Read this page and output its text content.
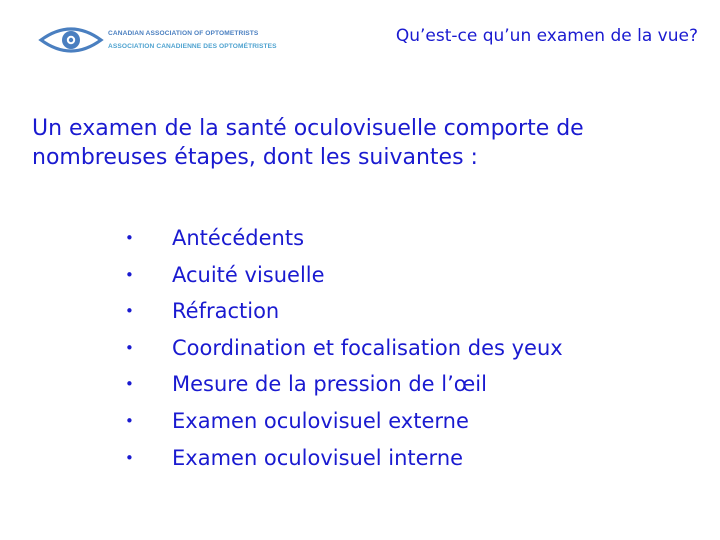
CANADIAN ASSOCIATION OF OPTOMETRISTS
ASSOCIATION CANADIENNE DES OPTOMÉTRISTES
Qu’est-ce qu’un examen de la vue?
Un examen de la santé oculovisuelle comporte de nombreuses étapes, dont les suivantes :
• Antécédents
• Acuité visuelle
• Réfraction
• Coordination et focalisation des yeux
• Mesure de la pression de l’œil
• Examen oculovisuel externe
• Examen oculovisuel interne
